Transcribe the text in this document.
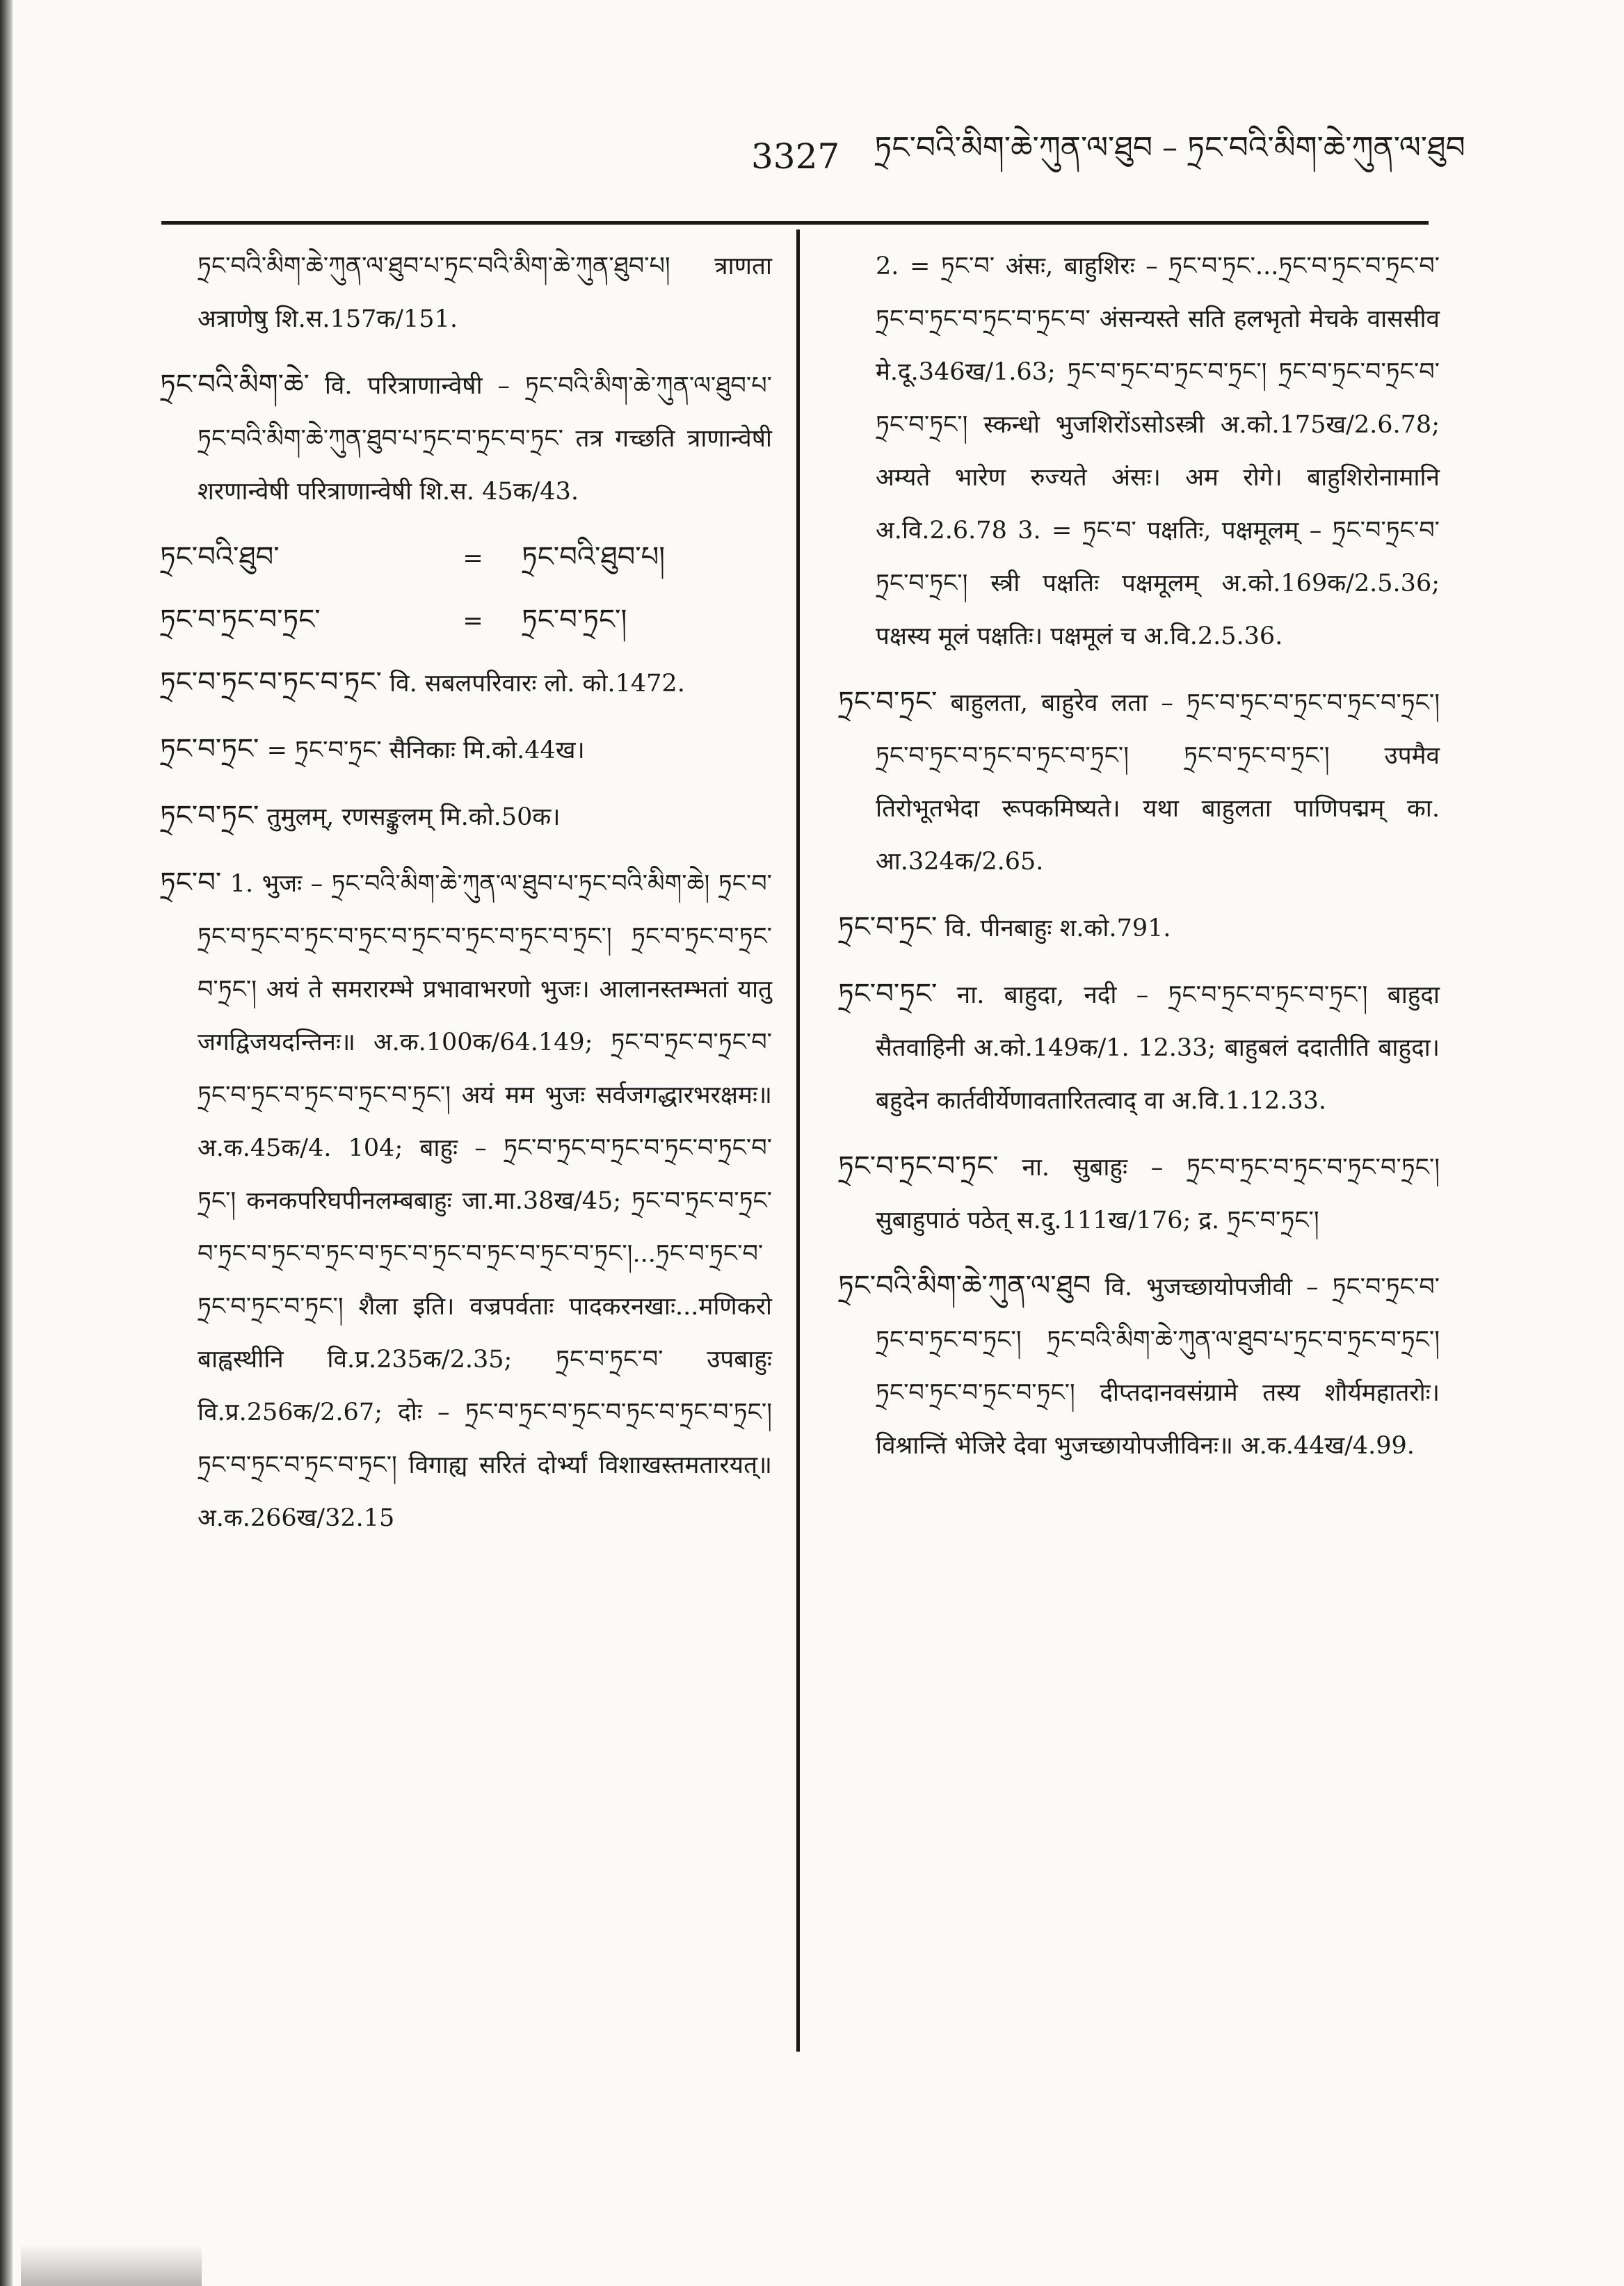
3327 ཏྲང་བའི་མིག་ཆེ་ཀུན་ལ་ཐུབ – ཏྲང་བའི་མིག་ཆེ་ཀུན་ལ་ཐུབ

ཏྲང་བའི་མིག་ཆེ་ཀུན་ལ་ཐུབ་པ་ཏྲང་བའི་མིག་ཆེ་ཀུན་ཐུབ་པ། त्राणता अत्राणेषु शि.स.157क/151.

ཏྲང་བའི་མིག་ཆེ་ वि. परित्राणान्वेषी – ཏྲང་བའི་མིག་ཆེ་ཀུན་ལ་ཐུབ་པ་ཏྲང་བའི་མིག་ཆེ་ཀུན་ཐུབ་པ་ཏྲང་བ་ཏྲང་བ་ཏྲང་ तत्र गच्छति त्राणान्वेषी शरणान्वेषी परित्राणान्वेषी शि.स. 45क/43.

ཏྲང་བའི་ཐུབ་	=	ཏྲང་བའི་ཐུབ་པ།
ཏྲང་བ་ཏྲང་བ་ཏྲང་	=	ཏྲང་བ་ཏྲང་།

ཏྲང་བ་ཏྲང་བ་ཏྲང་བ་ཏྲང་ वि. सबलपरिवारः लो. को.1472.

ཏྲང་བ་ཏྲང་ = ཏྲང་བ་ཏྲང་ सैनिकाः मि.को.44ख।

ཏྲང་བ་ཏྲང་ तुमुलम्, रणसङ्कुलम् मि.को.50क।

ཏྲང་བ་ 1. भुजः – ཏྲང་བའི་མིག་ཆེ་ཀུན་ལ་ཐུབ་པ་ཏྲང་བའི་མིག་ཆེ། ཏྲང་བ་ཏྲང་བ་ཏྲང་བ་ཏྲང་བ་ཏྲང་བ་ཏྲང་བ་ཏྲང་བ་ཏྲང་བ་ཏྲང་། ཏྲང་བ་ཏྲང་བ་ཏྲང་བ་ཏྲང་། अयं ते समरारम्भे प्रभावाभरणो भुजः। आलानस्तम्भतां यातु जगद्विजयदन्तिनः॥ अ.क.100क/64.149; ཏྲང་བ་ཏྲང་བ་ཏྲང་བ་ཏྲང་བ་ཏྲང་བ་ཏྲང་བ་ཏྲང་བ་ཏྲང་། अयं मम भुजः सर्वजगद्धारभरक्षमः॥ अ.क.45क/4. 104; बाहुः – ཏྲང་བ་ཏྲང་བ་ཏྲང་བ་ཏྲང་བ་ཏྲང་བ་ཏྲང་། कनकपरिघपीनलम्बबाहुः जा.मा.38ख/45; ཏྲང་བ་ཏྲང་བ་ཏྲང་བ་ཏྲང་བ་ཏྲང་བ་ཏྲང་བ་ཏྲང་བ་ཏྲང་བ་ཏྲང་བ་ཏྲང་བ་ཏྲང་།...ཏྲང་བ་ཏྲང་བ་ཏྲང་བ་ཏྲང་བ་ཏྲང་། शैला इति। वज्रपर्वताः पादकरनखाः...मणिकरो बाह्वस्थीनि वि.प्र.235क/2.35; ཏྲང་བ་ཏྲང་བ་ उपबाहुः वि.प्र.256क/2.67; दोः – ཏྲང་བ་ཏྲང་བ་ཏྲང་བ་ཏྲང་བ་ཏྲང་བ་ཏྲང་། ཏྲང་བ་ཏྲང་བ་ཏྲང་བ་ཏྲང་། विगाह्य सरितं दोर्भ्यां विशाखस्तमतारयत्॥ अ.क.266ख/32.15

2. = ཏྲང་བ་ अंसः, बाहुशिरः – ཏྲང་བ་ཏྲང་...ཏྲང་བ་ཏྲང་བ་ཏྲང་བ་ཏྲང་བ་ཏྲང་བ་ཏྲང་བ་ཏྲང་བ་ अंसन्यस्ते सति हलभृतो मेचके वाससीव मे.दू.346ख/1.63; ཏྲང་བ་ཏྲང་བ་ཏྲང་བ་ཏྲང་། ཏྲང་བ་ཏྲང་བ་ཏྲང་བ་ཏྲང་བ་ཏྲང་། स्कन्धो भुजशिरोंऽसोऽस्त्री अ.को.175ख/2.6.78; अम्यते भारेण रुज्यते अंसः। अम रोगे। बाहुशिरोनामानि अ.वि.2.6.78 3. = ཏྲང་བ་ पक्षतिः, पक्षमूलम् – ཏྲང་བ་ཏྲང་བ་ཏྲང་བ་ཏྲང་། स्त्री पक्षतिः पक्षमूलम् अ.को.169क/2.5.36; पक्षस्य मूलं पक्षतिः। पक्षमूलं च अ.वि.2.5.36.

ཏྲང་བ་ཏྲང་ बाहुलता, बाहुरेव लता – ཏྲང་བ་ཏྲང་བ་ཏྲང་བ་ཏྲང་བ་ཏྲང་། ཏྲང་བ་ཏྲང་བ་ཏྲང་བ་ཏྲང་བ་ཏྲང་། ཏྲང་བ་ཏྲང་བ་ཏྲང་། उपमैव तिरोभूतभेदा रूपकमिष्यते। यथा बाहुलता पाणिपद्मम् का. आ.324क/2.65.

ཏྲང་བ་ཏྲང་ वि. पीनबाहुः श.को.791.

ཏྲང་བ་ཏྲང་ ना. बाहुदा, नदी – ཏྲང་བ་ཏྲང་བ་ཏྲང་བ་ཏྲང་། बाहुदा सैतवाहिनी अ.को.149क/1. 12.33; बाहुबलं ददातीति बाहुदा। बहुदेन कार्तवीर्येणावतारितत्वाद् वा अ.वि.1.12.33.

ཏྲང་བ་ཏྲང་བ་ཏྲང་ ना. सुबाहुः – ཏྲང་བ་ཏྲང་བ་ཏྲང་བ་ཏྲང་བ་ཏྲང་། सुबाहुपाठं पठेत् स.दु.111ख/176; द्र. ཏྲང་བ་ཏྲང་།

ཏྲང་བའི་མིག་ཆེ་ཀུན་ལ་ཐུབ वि. भुजच्छायोपजीवी – ཏྲང་བ་ཏྲང་བ་ཏྲང་བ་ཏྲང་བ་ཏྲང་། ཏྲང་བའི་མིག་ཆེ་ཀུན་ལ་ཐུབ་པ་ཏྲང་བ་ཏྲང་བ་ཏྲང་། ཏྲང་བ་ཏྲང་བ་ཏྲང་བ་ཏྲང་། दीप्तदानवसंग्रामे तस्य शौर्यमहातरोः। विश्रान्तिं भेजिरे देवा भुजच्छायोपजीविनः॥ अ.क.44ख/4.99.
